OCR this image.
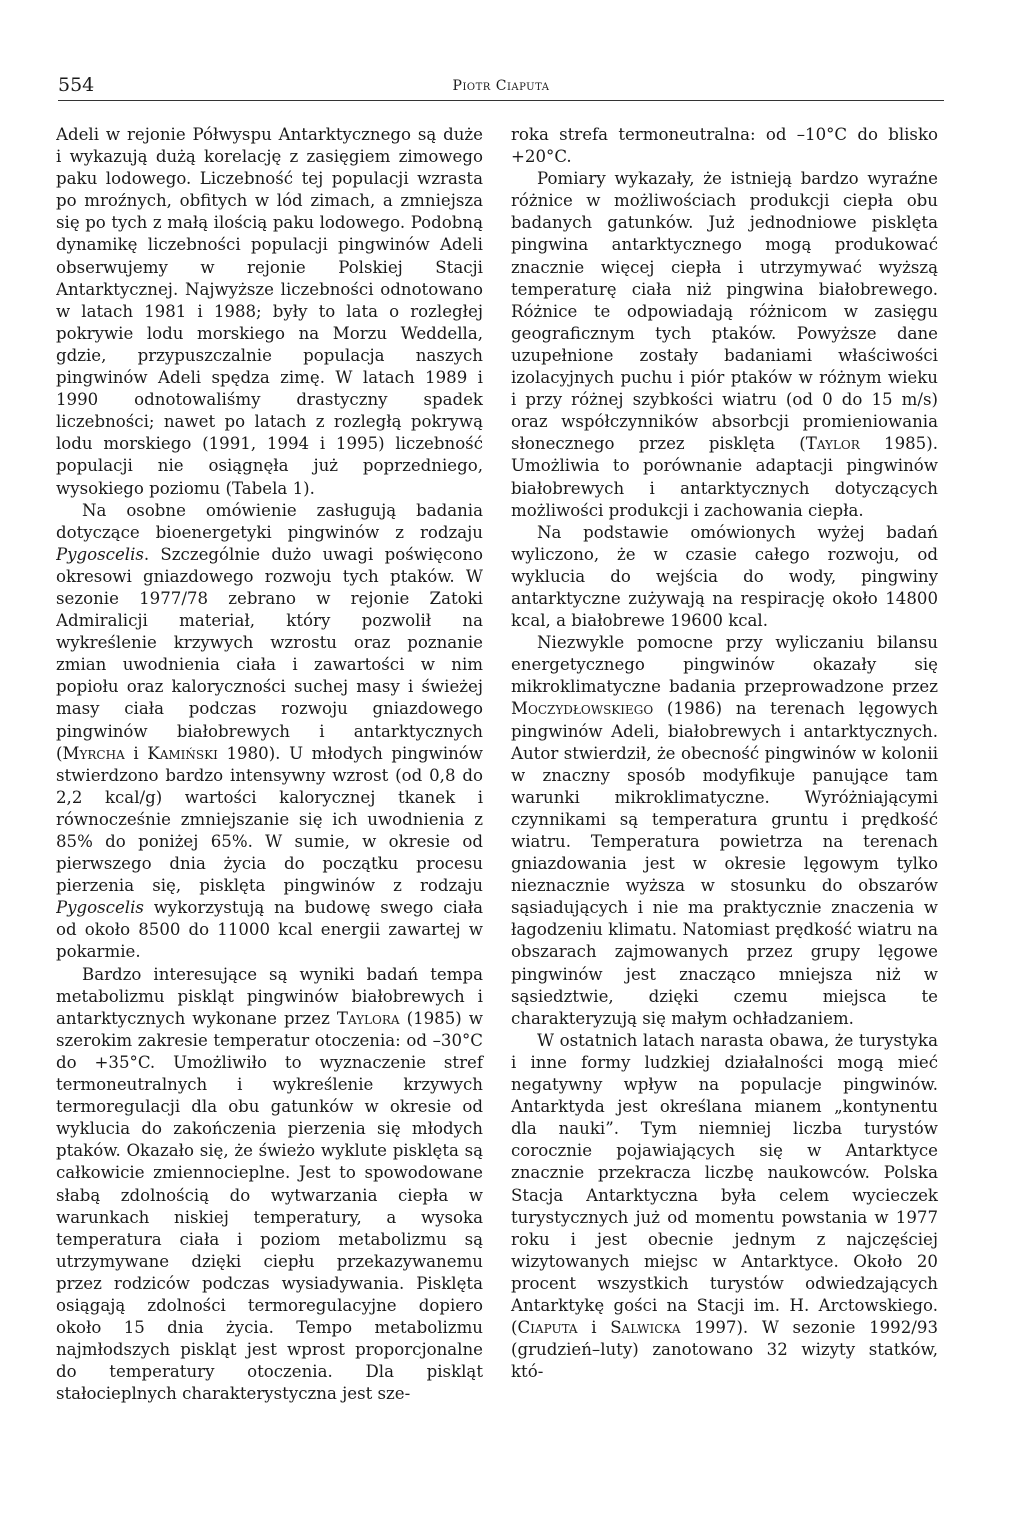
554	Piotr Ciaputa

Adeli w rejonie Półwyspu Antarktycznego są duże i wykazują dużą korelację z zasięgiem zimowego paku lodowego. Liczebność tej populacji wzrasta po mroźnych, obfitych w lód zimach, a zmniejsza się po tych z małą ilością paku lodowego. Podobną dynamikę liczebności populacji pingwinów Adeli obserwujemy w rejonie Polskiej Stacji Antarktycznej. Najwyższe liczebności odnotowano w latach 1981 i 1988; były to lata o rozległej pokrywie lodu morskiego na Morzu Weddella, gdzie, przypuszczalnie populacja naszych pingwinów Adeli spędza zimę. W latach 1989 i 1990 odnotowaliśmy drastyczny spadek liczebności; nawet po latach z rozległą pokrywą lodu morskiego (1991, 1994 i 1995) liczebność populacji nie osiągnęła już poprzedniego, wysokiego poziomu (Tabela 1).

Na osobne omówienie zasługują badania dotyczące bioenergetyki pingwinów z rodzaju Pygoscelis. Szczególnie dużo uwagi poświęcono okresowi gniazdowego rozwoju tych ptaków. W sezonie 1977/78 zebrano w rejonie Zatoki Admiralicji materiał, który pozwolił na wykreślenie krzywych wzrostu oraz poznanie zmian uwodnienia ciała i zawartości w nim popiołu oraz kaloryczności suchej masy i świeżej masy ciała podczas rozwoju gniazdowego pingwinów białobrewych i antarktycznych (Myrcha i Kamiński 1980). U młodych pingwinów stwierdzono bardzo intensywny wzrost (od 0,8 do 2,2 kcal/g) wartości kalorycznej tkanek i równocześnie zmniejszanie się ich uwodnienia z 85% do poniżej 65%. W sumie, w okresie od pierwszego dnia życia do początku procesu pierzenia się, pisklęta pingwinów z rodzaju Pygoscelis wykorzystują na budowę swego ciała od około 8500 do 11000 kcal energii zawartej w pokarmie.

Bardzo interesujące są wyniki badań tempa metabolizmu piskląt pingwinów białobrewych i antarktycznych wykonane przez Taylora (1985) w szerokim zakresie temperatur otoczenia: od –30°C do +35°C. Umożliwiło to wyznaczenie stref termoneutralnych i wykreślenie krzywych termoregulacji dla obu gatunków w okresie od wyklucia do zakończenia pierzenia się młodych ptaków. Okazało się, że świeżo wyklute pisklęta są całkowicie zmiennocieplne. Jest to spowodowane słabą zdolnością do wytwarzania ciepła w warunkach niskiej temperatury, a wysoka temperatura ciała i poziom metabolizmu są utrzymywane dzięki ciepłu przekazywanemu przez rodziców podczas wysiadywania. Pisklęta osiągają zdolności termoregulacyjne dopiero około 15 dnia życia. Tempo metabolizmu najmłodszych piskląt jest wprost proporcjonalne do temperatury otoczenia. Dla piskląt stałocieplnych charakterystyczna jest sze-

roka strefa termoneutralna: od –10°C do blisko +20°C.

Pomiary wykazały, że istnieją bardzo wyraźne różnice w możliwościach produkcji ciepła obu badanych gatunków. Już jednodniowe pisklęta pingwina antarktycznego mogą produkować znacznie więcej ciepła i utrzymywać wyższą temperaturę ciała niż pingwina białobrewego. Różnice te odpowiadają różnicom w zasięgu geograficznym tych ptaków. Powyższe dane uzupełnione zostały badaniami właściwości izolacyjnych puchu i piór ptaków w różnym wieku i przy różnej szybkości wiatru (od 0 do 15 m/s) oraz współczynników absorbcji promieniowania słonecznego przez pisklęta (Taylor 1985). Umożliwia to porównanie adaptacji pingwinów białobrewych i antarktycznych dotyczących możliwości produkcji i zachowania ciepła.

Na podstawie omówionych wyżej badań wyliczono, że w czasie całego rozwoju, od wyklucia do wejścia do wody, pingwiny antarktyczne zużywają na respirację około 14800 kcal, a białobrewe 19600 kcal.

Niezwykle pomocne przy wyliczaniu bilansu energetycznego pingwinów okazały się mikroklimatyczne badania przeprowadzone przez Moczydłowskiego (1986) na terenach lęgowych pingwinów Adeli, białobrewych i antarktycznych. Autor stwierdził, że obecność pingwinów w kolonii w znaczny sposób modyfikuje panujące tam warunki mikroklimatyczne. Wyróżniającymi czynnikami są temperatura gruntu i prędkość wiatru. Temperatura powietrza na terenach gniazdowania jest w okresie lęgowym tylko nieznacznie wyższa w stosunku do obszarów sąsiadujących i nie ma praktycznie znaczenia w łagodzeniu klimatu. Natomiast prędkość wiatru na obszarach zajmowanych przez grupy lęgowe pingwinów jest znacząco mniejsza niż w sąsiedztwie, dzięki czemu miejsca te charakteryzują się małym ochładzaniem.

W ostatnich latach narasta obawa, że turystyka i inne formy ludzkiej działalności mogą mieć negatywny wpływ na populacje pingwinów. Antarktyda jest określana mianem „kontynentu dla nauki”. Tym niemniej liczba turystów corocznie pojawiających się w Antarktyce znacznie przekracza liczbę naukowców. Polska Stacja Antarktyczna była celem wycieczek turystycznych już od momentu powstania w 1977 roku i jest obecnie jednym z najczęściej wizytowanych miejsc w Antarktyce. Około 20 procent wszystkich turystów odwiedzających Antarktykę gości na Stacji im. H. Arctowskiego. (Ciaputa i Salwicka 1997). W sezonie 1992/93 (grudzień–luty) zanotowano 32 wizyty statków, któ-
